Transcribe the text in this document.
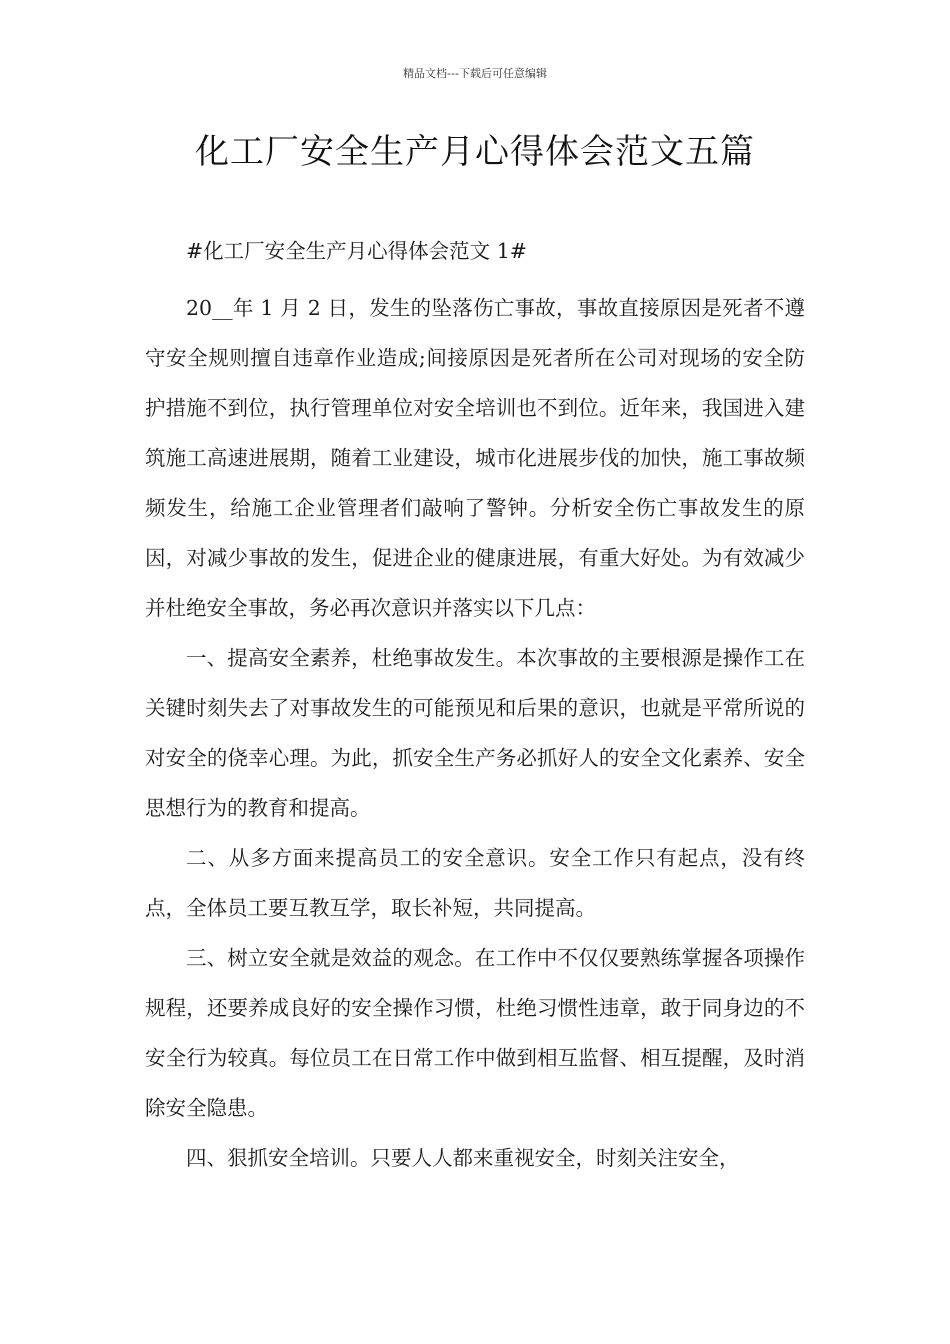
精品文档---下载后可任意编辑
化工厂安全生产月心得体会范文五篇

#化工厂安全生产月心得体会范文 1#

20__年 1 月 2 日，发生的坠落伤亡事故，事故直接原因是死者不遵守安全规则擅自违章作业造成;间接原因是死者所在公司对现场的安全防护措施不到位，执行管理单位对安全培训也不到位。近年来，我国进入建筑施工高速进展期，随着工业建设，城市化进展步伐的加快，施工事故频频发生，给施工企业管理者们敲响了警钟。分析安全伤亡事故发生的原因，对减少事故的发生，促进企业的健康进展，有重大好处。为有效减少并杜绝安全事故，务必再次意识并落实以下几点：

一、提高安全素养，杜绝事故发生。本次事故的主要根源是操作工在关键时刻失去了对事故发生的可能预见和后果的意识，也就是平常所说的对安全的侥幸心理。为此，抓安全生产务必抓好人的安全文化素养、安全思想行为的教育和提高。

二、从多方面来提高员工的安全意识。安全工作只有起点，没有终点，全体员工要互教互学，取长补短，共同提高。

三、树立安全就是效益的观念。在工作中不仅仅要熟练掌握各项操作规程，还要养成良好的安全操作习惯，杜绝习惯性违章，敢于同身边的不安全行为较真。每位员工在日常工作中做到相互监督、相互提醒，及时消除安全隐患。

四、狠抓安全培训。只要人人都来重视安全，时刻关注安全，
